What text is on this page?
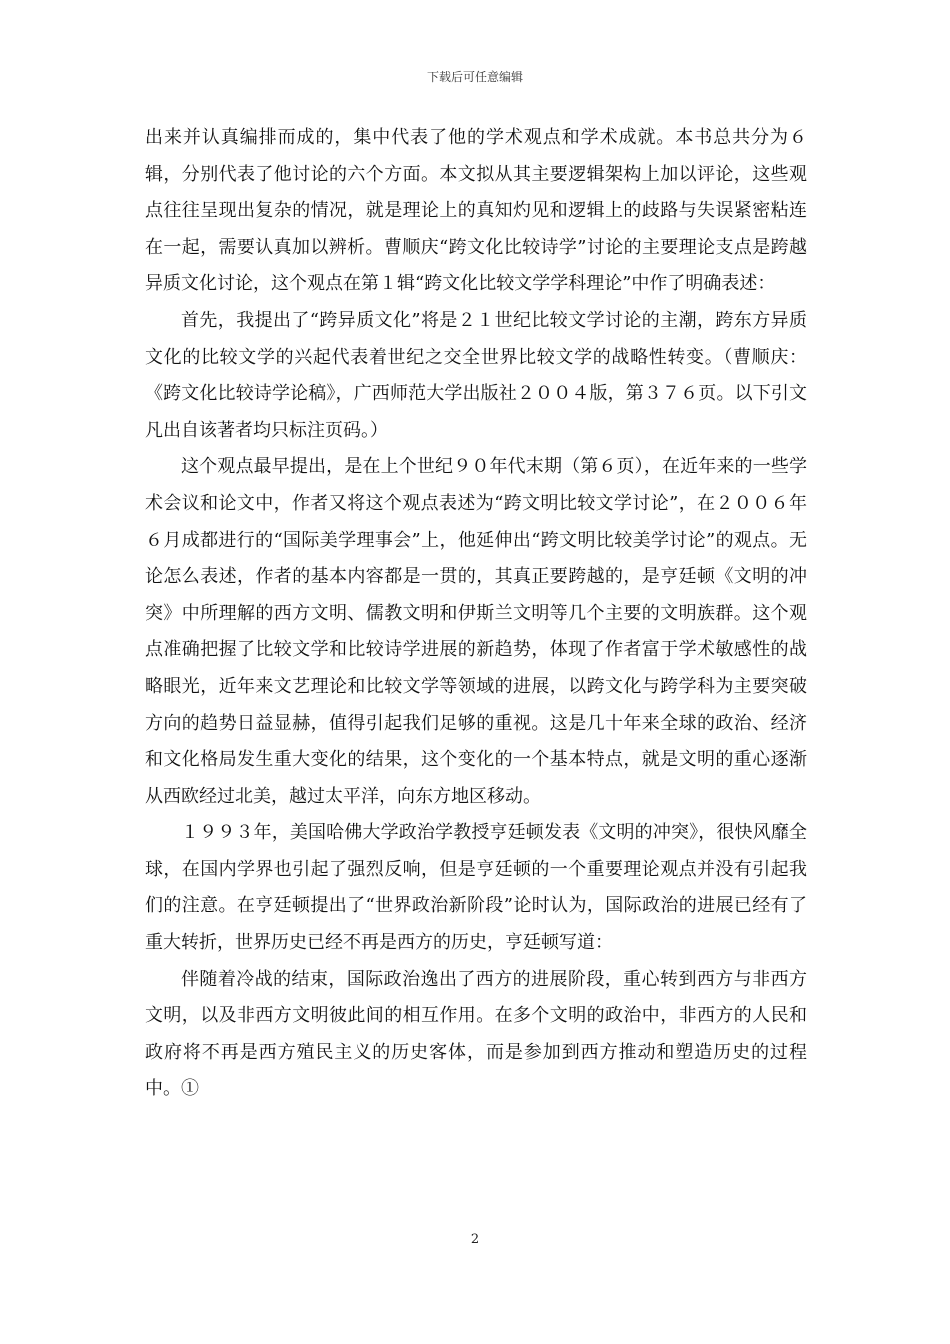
下载后可任意编辑

出来并认真编排而成的，集中代表了他的学术观点和学术成就。本书总共分为６辑，分别代表了他讨论的六个方面。本文拟从其主要逻辑架构上加以评论，这些观点往往呈现出复杂的情况，就是理论上的真知灼见和逻辑上的歧路与失误紧密粘连在一起，需要认真加以辨析。曹顺庆“跨文化比较诗学”讨论的主要理论支点是跨越异质文化讨论，这个观点在第１辑“跨文化比较文学学科理论”中作了明确表述：

首先，我提出了“跨异质文化”将是２１世纪比较文学讨论的主潮，跨东方异质文化的比较文学的兴起代表着世纪之交全世界比较文学的战略性转变。（曹顺庆：《跨文化比较诗学论稿》，广西师范大学出版社２００４版，第３７６页。以下引文凡出自该著者均只标注页码。）

这个观点最早提出，是在上个世纪９０年代末期（第６页），在近年来的一些学术会议和论文中，作者又将这个观点表述为“跨文明比较文学讨论”，在２００６年６月成都进行的“国际美学理事会”上，他延伸出“跨文明比较美学讨论”的观点。无论怎么表述，作者的基本内容都是一贯的，其真正要跨越的，是亨廷顿《文明的冲突》中所理解的西方文明、儒教文明和伊斯兰文明等几个主要的文明族群。这个观点准确把握了比较文学和比较诗学进展的新趋势，体现了作者富于学术敏感性的战略眼光，近年来文艺理论和比较文学等领域的进展，以跨文化与跨学科为主要突破方向的趋势日益显赫，值得引起我们足够的重视。这是几十年来全球的政治、经济和文化格局发生重大变化的结果，这个变化的一个基本特点，就是文明的重心逐渐从西欧经过北美，越过太平洋，向东方地区移动。

１９９３年，美国哈佛大学政治学教授亨廷顿发表《文明的冲突》，很快风靡全球，在国内学界也引起了强烈反响，但是亨廷顿的一个重要理论观点并没有引起我们的注意。在亨廷顿提出了“世界政治新阶段”论时认为，国际政治的进展已经有了重大转折，世界历史已经不再是西方的历史，亨廷顿写道：

伴随着冷战的结束，国际政治逸出了西方的进展阶段，重心转到西方与非西方文明，以及非西方文明彼此间的相互作用。在多个文明的政治中，非西方的人民和政府将不再是西方殖民主义的历史客体，而是参加到西方推动和塑造历史的过程中。①

2
